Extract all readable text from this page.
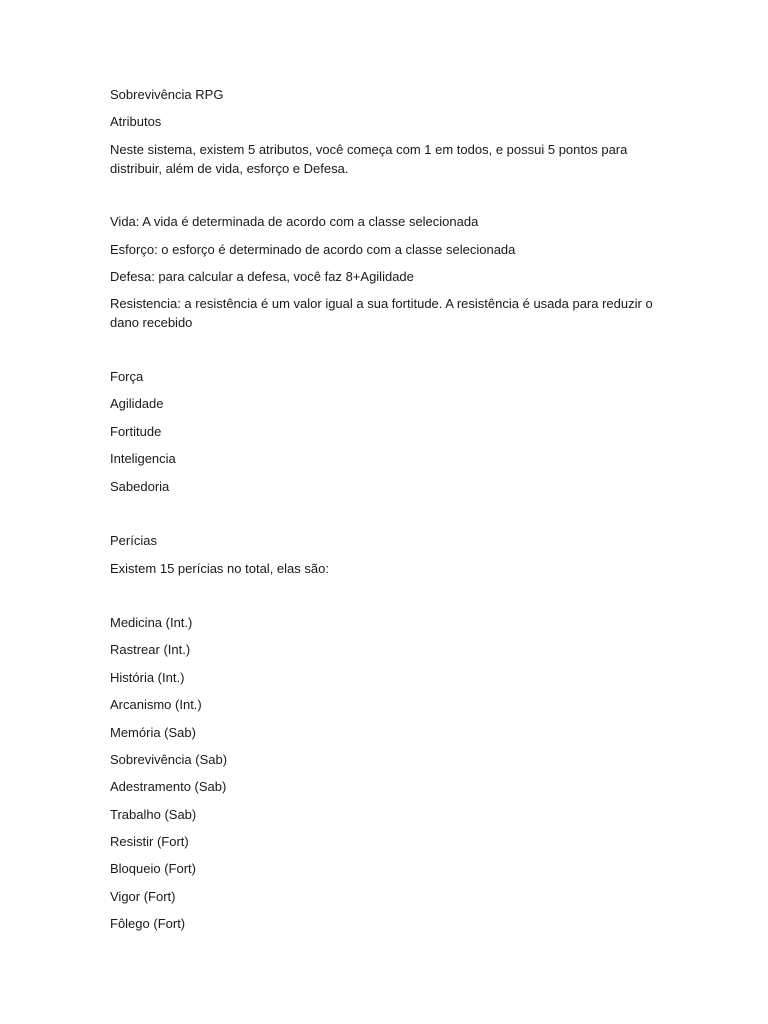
Sobrevivência RPG
Atributos
Neste sistema, existem 5 atributos, você começa com 1 em todos, e possui 5 pontos para distribuir, além de vida, esforço e Defesa.
Vida: A vida é determinada de acordo com a classe selecionada
Esforço: o esforço é determinado de acordo com a classe selecionada
Defesa: para calcular a defesa, você faz 8+Agilidade
Resistencia: a resistência é um valor igual a sua fortitude. A resistência é usada para reduzir o dano recebido
Força
Agilidade
Fortitude
Inteligencia
Sabedoria
Perícias
Existem 15 perícias no total, elas são:
Medicina (Int.)
Rastrear (Int.)
História (Int.)
Arcanismo (Int.)
Memória (Sab)
Sobrevivência (Sab)
Adestramento (Sab)
Trabalho (Sab)
Resistir (Fort)
Bloqueio (Fort)
Vigor (Fort)
Fôlego (Fort)
